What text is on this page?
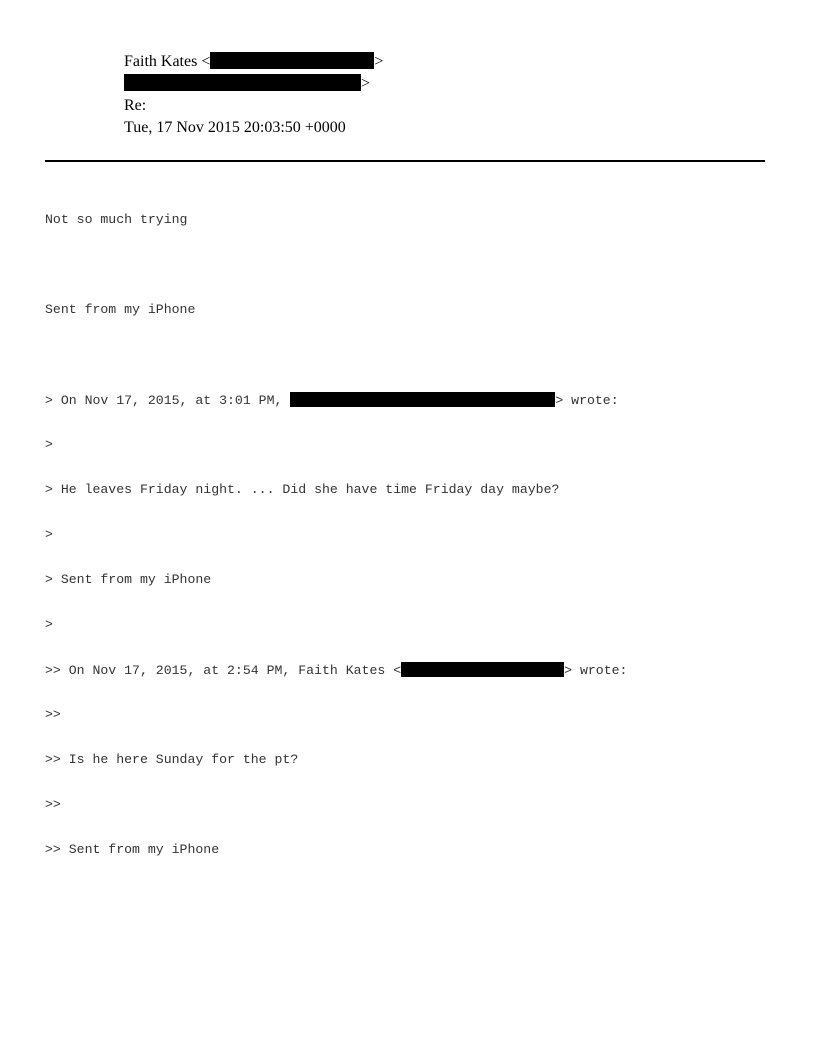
Faith Kates <	>
>
Re:
Tue, 17 Nov 2015 20:03:50 +0000

Not so much trying

Sent from my iPhone

> On Nov 17, 2015, at 3:01 PM,	> wrote:

>

> He leaves Friday night. ... Did she have time Friday day maybe?

>

> Sent from my iPhone

>

>> On Nov 17, 2015, at 2:54 PM, Faith Kates <	> wrote:

>>

>> Is he here Sunday for the pt?

>>

>> Sent from my iPhone
